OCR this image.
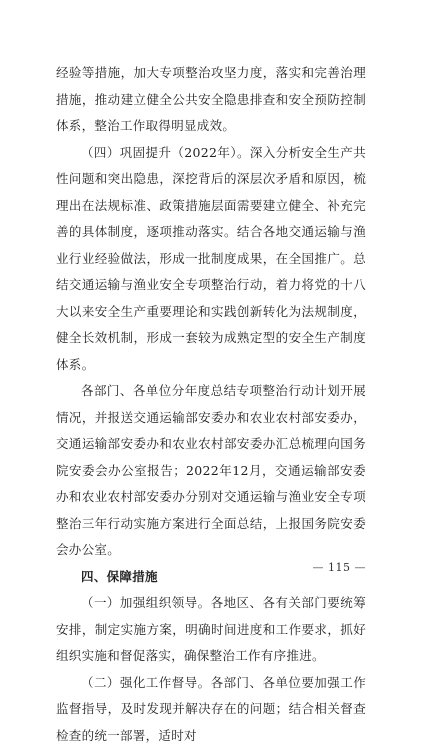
经验等措施，加大专项整治攻坚力度，落实和完善治理措施，推动建立健全公共安全隐患排查和安全预防控制体系，整治工作取得明显成效。

（四）巩固提升（2022年）。深入分析安全生产共性问题和突出隐患，深挖背后的深层次矛盾和原因，梳理出在法规标准、政策措施层面需要建立健全、补充完善的具体制度，逐项推动落实。结合各地交通运输与渔业行业经验做法，形成一批制度成果，在全国推广。总结交通运输与渔业安全专项整治行动，着力将党的十八大以来安全生产重要理论和实践创新转化为法规制度，健全长效机制，形成一套较为成熟定型的安全生产制度体系。

各部门、各单位分年度总结专项整治行动计划开展情况，并报送交通运输部安委办和农业农村部安委办，交通运输部安委办和农业农村部安委办汇总梳理向国务院安委会办公室报告；2022年12月，交通运输部安委办和农业农村部安委办分别对交通运输与渔业安全专项整治三年行动实施方案进行全面总结，上报国务院安委会办公室。

四、保障措施

（一）加强组织领导。各地区、各有关部门要统筹安排，制定实施方案，明确时间进度和工作要求，抓好组织实施和督促落实，确保整治工作有序推进。

（二）强化工作督导。各部门、各单位要加强工作监督指导，及时发现并解决存在的问题；结合相关督查检查的统一部署，适时对

— 115 —
